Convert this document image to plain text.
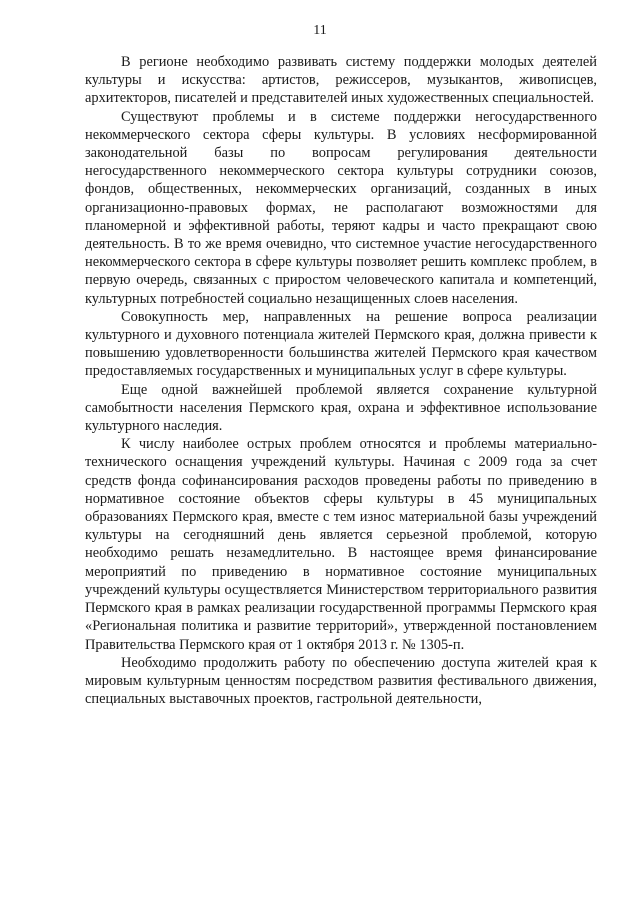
11

В регионе необходимо развивать систему поддержки молодых деятелей культуры и искусства: артистов, режиссеров, музыкантов, живописцев, архитекторов, писателей и представителей иных художественных специальностей.

Существуют проблемы и в системе поддержки негосударственного некоммерческого сектора сферы культуры. В условиях несформированной законодательной базы по вопросам регулирования деятельности негосударственного некоммерческого сектора культуры сотрудники союзов, фондов, общественных, некоммерческих организаций, созданных в иных организационно-правовых формах, не располагают возможностями для планомерной и эффективной работы, теряют кадры и часто прекращают свою деятельность. В то же время очевидно, что системное участие негосударственного некоммерческого сектора в сфере культуры позволяет решить комплекс проблем, в первую очередь, связанных с приростом человеческого капитала и компетенций, культурных потребностей социально незащищенных слоев населения.

Совокупность мер, направленных на решение вопроса реализации культурного и духовного потенциала жителей Пермского края, должна привести к повышению удовлетворенности большинства жителей Пермского края качеством предоставляемых государственных и муниципальных услуг в сфере культуры.

Еще одной важнейшей проблемой является сохранение культурной самобытности населения Пермского края, охрана и эффективное использование культурного наследия.

К числу наиболее острых проблем относятся и проблемы материально-технического оснащения учреждений культуры. Начиная с 2009 года за счет средств фонда софинансирования расходов проведены работы по приведению в нормативное состояние объектов сферы культуры в 45 муниципальных образованиях Пермского края, вместе с тем износ материальной базы учреждений культуры на сегодняшний день является серьезной проблемой, которую необходимо решать незамедлительно. В настоящее время финансирование мероприятий по приведению в нормативное состояние муниципальных учреждений культуры осуществляется Министерством территориального развития Пермского края в рамках реализации государственной программы Пермского края «Региональная политика и развитие территорий», утвержденной постановлением Правительства Пермского края от 1 октября 2013 г. № 1305-п.

Необходимо продолжить работу по обеспечению доступа жителей края к мировым культурным ценностям посредством развития фестивального движения, специальных выставочных проектов, гастрольной деятельности,
